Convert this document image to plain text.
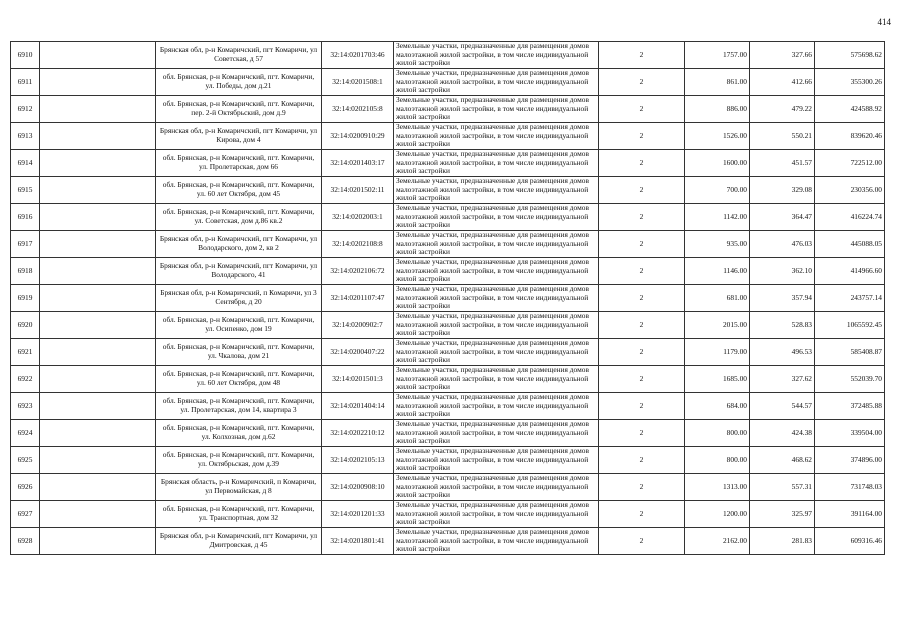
414
6910		Брянская обл, р-н Комаричский, пгт Комаричи, ул Советская, д 57	32:14:0201703:46	Земельные участки, предназначенные для размещения домов малоэтажной жилой застройки, в том числе индивидуальной жилой застройки	2	1757.00	327.66	575698.62
6911		обл. Брянская, р-н Комаричский, пгт. Комаричи, ул. Победы, дом д.21	32:14:0201508:1	Земельные участки, предназначенные для размещения домов малоэтажной жилой застройки, в том числе индивидуальной жилой застройки	2	861.00	412.66	355300.26
6912		обл. Брянская, р-н Комаричский, пгт. Комаричи, пер. 2-й Октябрьский, дом д.9	32:14:0202105:8	Земельные участки, предназначенные для размещения домов малоэтажной жилой застройки, в том числе индивидуальной жилой застройки	2	886.00	479.22	424588.92
6913		Брянская обл, р-н Комаричский, пгт Комаричи, ул Кирова, дом 4	32:14:0200910:29	Земельные участки, предназначенные для размещения домов малоэтажной жилой застройки, в том числе индивидуальной жилой застройки	2	1526.00	550.21	839620.46
6914		обл. Брянская, р-н Комаричский, пгт. Комаричи, ул. Пролетарская, дом 66	32:14:0201403:17	Земельные участки, предназначенные для размещения домов малоэтажной жилой застройки, в том числе индивидуальной жилой застройки	2	1600.00	451.57	722512.00
6915		обл. Брянская, р-н Комаричский, пгт. Комаричи, ул. 60 лет Октября, дом 45	32:14:0201502:11	Земельные участки, предназначенные для размещения домов малоэтажной жилой застройки, в том числе индивидуальной жилой застройки	2	700.00	329.08	230356.00
6916		обл. Брянская, р-н Комаричский, пгт. Комаричи, ул. Советская, дом д.86 кв.2	32:14:0202003:1	Земельные участки, предназначенные для размещения домов малоэтажной жилой застройки, в том числе индивидуальной жилой застройки	2	1142.00	364.47	416224.74
6917		Брянская обл, р-н Комаричский, пгт Комаричи, ул Володарского, дом 2, кв 2	32:14:0202108:8	Земельные участки, предназначенные для размещения домов малоэтажной жилой застройки, в том числе индивидуальной жилой застройки	2	935.00	476.03	445088.05
6918		Брянская обл, р-н Комаричский, пгт Комаричи, ул Володарского, 41	32:14:0202106:72	Земельные участки, предназначенные для размещения домов малоэтажной жилой застройки, в том числе индивидуальной жилой застройки	2	1146.00	362.10	414966.60
6919		Брянская обл, р-н Комаричский, п Комаричи, ул 3 Сентября, д 20	32:14:0201107:47	Земельные участки, предназначенные для размещения домов малоэтажной жилой застройки, в том числе индивидуальной жилой застройки	2	681.00	357.94	243757.14
6920		обл. Брянская, р-н Комаричский, пгт. Комаричи, ул. Осипенко, дом 19	32:14:0200902:7	Земельные участки, предназначенные для размещения домов малоэтажной жилой застройки, в том числе индивидуальной жилой застройки	2	2015.00	528.83	1065592.45
6921		обл. Брянская, р-н Комаричский, пгт. Комаричи, ул. Чкалова, дом 21	32:14:0200407:22	Земельные участки, предназначенные для размещения домов малоэтажной жилой застройки, в том числе индивидуальной жилой застройки	2	1179.00	496.53	585408.87
6922		обл. Брянская, р-н Комаричский, пгт. Комаричи, ул. 60 лет Октября, дом 48	32:14:0201501:3	Земельные участки, предназначенные для размещения домов малоэтажной жилой застройки, в том числе индивидуальной жилой застройки	2	1685.00	327.62	552039.70
6923		обл. Брянская, р-н Комаричский, пгт. Комаричи, ул. Пролетарская, дом 14, квартира 3	32:14:0201404:14	Земельные участки, предназначенные для размещения домов малоэтажной жилой застройки, в том числе индивидуальной жилой застройки	2	684.00	544.57	372485.88
6924		обл. Брянская, р-н Комаричский, пгт. Комаричи, ул. Колхозная, дом д.62	32:14:0202210:12	Земельные участки, предназначенные для размещения домов малоэтажной жилой застройки, в том числе индивидуальной жилой застройки	2	800.00	424.38	339504.00
6925		обл. Брянская, р-н Комаричский, пгт. Комаричи, ул. Октябрьская, дом д.39	32:14:0202105:13	Земельные участки, предназначенные для размещения домов малоэтажной жилой застройки, в том числе индивидуальной жилой застройки	2	800.00	468.62	374896.00
6926		Брянская область, р-н Комаричский, п Комаричи, ул Первомайская, д 8	32:14:0200908:10	Земельные участки, предназначенные для размещения домов малоэтажной жилой застройки, в том числе индивидуальной жилой застройки	2	1313.00	557.31	731748.03
6927		обл. Брянская, р-н Комаричский, пгт. Комаричи, ул. Транспортная, дом 32	32:14:0201201:33	Земельные участки, предназначенные для размещения домов малоэтажной жилой застройки, в том числе индивидуальной жилой застройки	2	1200.00	325.97	391164.00
6928		Брянская обл, р-н Комаричский, пгт Комаричи, ул Дмитровская, д 45	32:14:0201801:41	Земельные участки, предназначенные для размещения домов малоэтажной жилой застройки, в том числе индивидуальной жилой застройки	2	2162.00	281.83	609316.46
